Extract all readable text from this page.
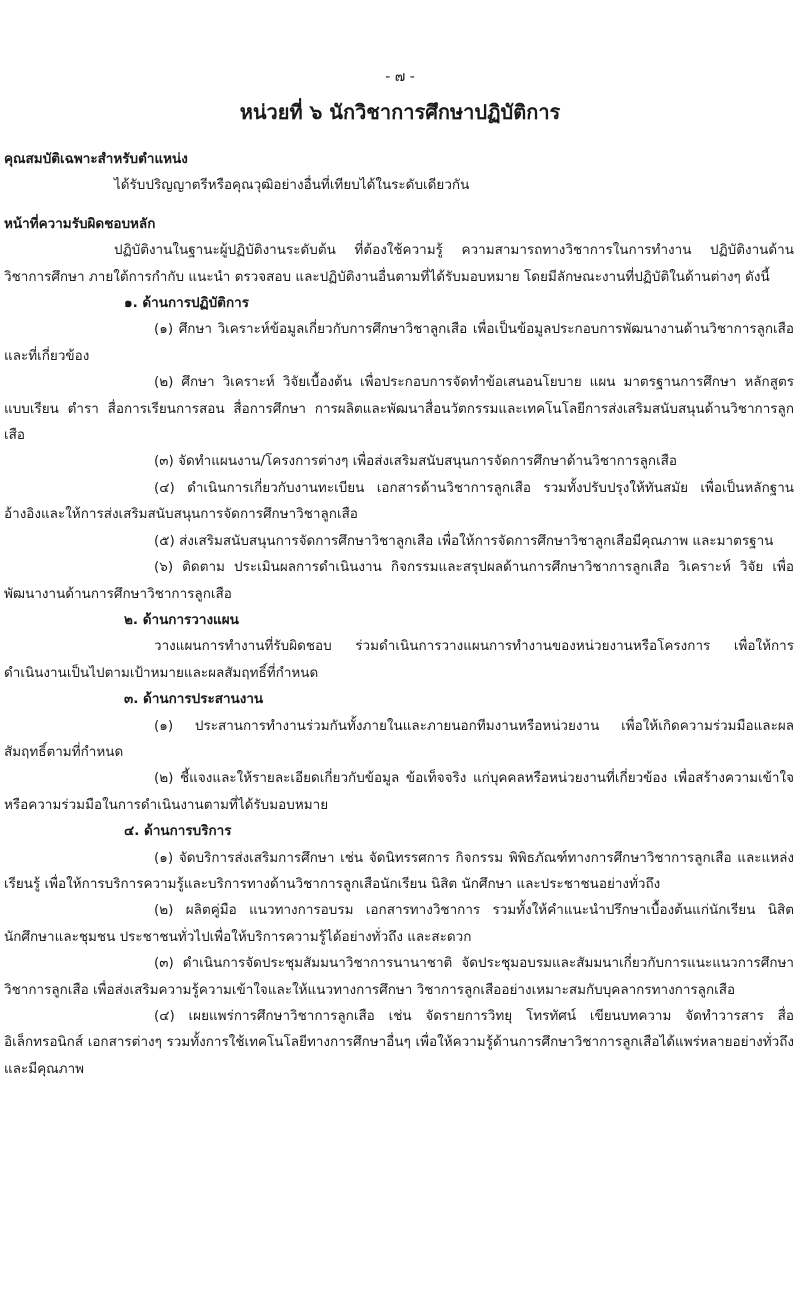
- ๗ -
หน่วยที่ ๖ นักวิชาการศึกษาปฏิบัติการ

คุณสมบัติเฉพาะสำหรับตำแหน่ง

ได้รับปริญญาตรีหรือคุณวุฒิอย่างอื่นที่เทียบได้ในระดับเดียวกัน

หน้าที่ความรับผิดชอบหลัก

ปฏิบัติงานในฐานะผู้ปฏิบัติงานระดับต้น ที่ต้องใช้ความรู้ ความสามารถทางวิชาการในการทำงาน ปฏิบัติงานด้านวิชาการศึกษา ภายใต้การกำกับ แนะนำ ตรวจสอบ และปฏิบัติงานอื่นตามที่ได้รับมอบหมาย โดยมีลักษณะงานที่ปฏิบัติในด้านต่างๆ ดังนี้

๑. ด้านการปฏิบัติการ

(๑) ศึกษา วิเคราะห์ข้อมูลเกี่ยวกับการศึกษาวิชาลูกเสือ เพื่อเป็นข้อมูลประกอบการพัฒนางานด้านวิชาการลูกเสือ และที่เกี่ยวข้อง

(๒) ศึกษา วิเคราะห์ วิจัยเบื้องต้น เพื่อประกอบการจัดทำข้อเสนอนโยบาย แผน มาตรฐานการศึกษา หลักสูตร แบบเรียน ตำรา สื่อการเรียนการสอน สื่อการศึกษา การผลิตและพัฒนาสื่อนวัตกรรมและเทคโนโลยีการส่งเสริมสนับสนุนด้านวิชาการลูกเสือ

(๓) จัดทำแผนงาน/โครงการต่างๆ เพื่อส่งเสริมสนับสนุนการจัดการศึกษาด้านวิชาการลูกเสือ

(๔) ดำเนินการเกี่ยวกับงานทะเบียน เอกสารด้านวิชาการลูกเสือ รวมทั้งปรับปรุงให้ทันสมัย เพื่อเป็นหลักฐานอ้างอิงและให้การส่งเสริมสนับสนุนการจัดการศึกษาวิชาลูกเสือ

(๕) ส่งเสริมสนับสนุนการจัดการศึกษาวิชาลูกเสือ เพื่อให้การจัดการศึกษาวิชาลูกเสือมีคุณภาพ และมาตรฐาน

(๖) ติดตาม ประเมินผลการดำเนินงาน กิจกรรมและสรุปผลด้านการศึกษาวิชาการลูกเสือ วิเคราะห์ วิจัย เพื่อพัฒนางานด้านการศึกษาวิชาการลูกเสือ

๒. ด้านการวางแผน

วางแผนการทำงานที่รับผิดชอบ ร่วมดำเนินการวางแผนการทำงานของหน่วยงานหรือโครงการ เพื่อให้การดำเนินงานเป็นไปตามเป้าหมายและผลสัมฤทธิ์ที่กำหนด

๓. ด้านการประสานงาน

(๑) ประสานการทำงานร่วมกันทั้งภายในและภายนอกทีมงานหรือหน่วยงาน เพื่อให้เกิดความร่วมมือและผลสัมฤทธิ์ตามที่กำหนด

(๒) ชี้แจงและให้รายละเอียดเกี่ยวกับข้อมูล ข้อเท็จจริง แก่บุคคลหรือหน่วยงานที่เกี่ยวข้อง เพื่อสร้างความเข้าใจหรือความร่วมมือในการดำเนินงานตามที่ได้รับมอบหมาย

๔. ด้านการบริการ

(๑) จัดบริการส่งเสริมการศึกษา เช่น จัดนิทรรศการ กิจกรรม พิพิธภัณฑ์ทางการศึกษาวิชาการลูกเสือ และแหล่งเรียนรู้ เพื่อให้การบริการความรู้และบริการทางด้านวิชาการลูกเสือนักเรียน นิสิต นักศึกษา และประชาชนอย่างทั่วถึง

(๒) ผลิตคู่มือ แนวทางการอบรม เอกสารทางวิชาการ รวมทั้งให้คำแนะนำปรึกษาเบื้องต้นแก่นักเรียน นิสิต นักศึกษาและชุมชน ประชาชนทั่วไปเพื่อให้บริการความรู้ได้อย่างทั่วถึง และสะดวก

(๓) ดำเนินการจัดประชุมสัมมนาวิชาการนานาชาติ จัดประชุมอบรมและสัมมนาเกี่ยวกับการแนะแนวการศึกษาวิชาการลูกเสือ เพื่อส่งเสริมความรู้ความเข้าใจและให้แนวทางการศึกษา วิชาการลูกเสืออย่างเหมาะสมกับบุคลากรทางการลูกเสือ

(๔) เผยแพร่การศึกษาวิชาการลูกเสือ เช่น จัดรายการวิทยุ โทรทัศน์ เขียนบทความ จัดทำวารสาร สื่ออิเล็กทรอนิกส์ เอกสารต่างๆ รวมทั้งการใช้เทคโนโลยีทางการศึกษาอื่นๆ เพื่อให้ความรู้ด้านการศึกษาวิชาการลูกเสือได้แพร่หลายอย่างทั่วถึงและมีคุณภาพ
